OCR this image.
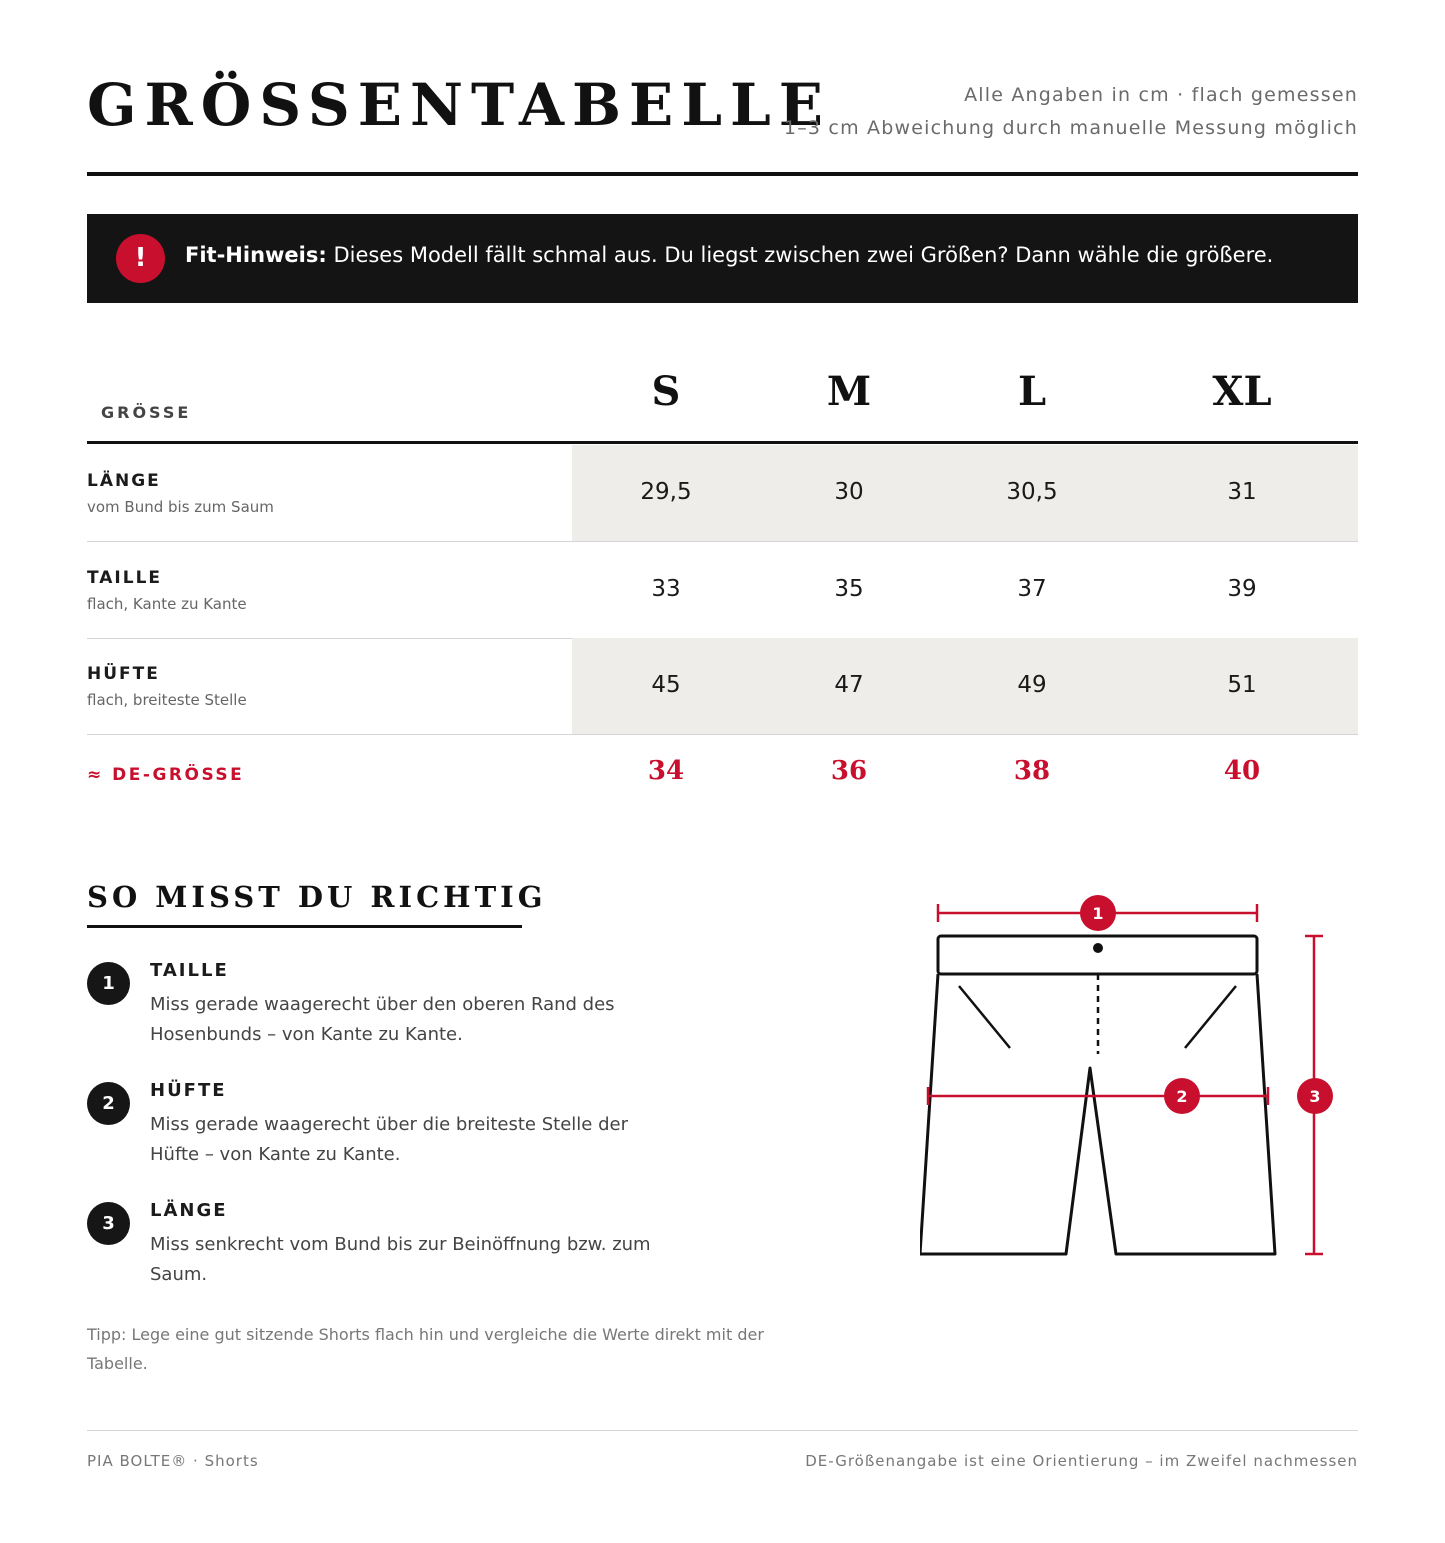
GRÖSSENTABELLE	Alle Angaben in cm · flach gemessen
1–3 cm Abweichung durch manuelle Messung möglich
!	Fit-Hinweis: Dieses Modell fällt schmal aus. Du liegst zwischen zwei Größen? Dann wähle die größere.
GRÖSSE	S	M	L	XL
LÄNGE
vom Bund bis zum Saum
29,5	30	30,5	31
TAILLE
flach, Kante zu Kante
33	35	37	39
HÜFTE
flach, breiteste Stelle
45	47	49	51
≈ DE-GRÖSSE	34	36	38	40
SO MISST DU RICHTIG
1
TAILLE
Miss gerade waagerecht über den oberen Rand des Hosenbunds – von Kante zu Kante.
2
HÜFTE
Miss gerade waagerecht über die breiteste Stelle der Hüfte – von Kante zu Kante.
3
LÄNGE
Miss senkrecht vom Bund bis zur Beinöffnung bzw. zum Saum.
Tipp: Lege eine gut sitzende Shorts flach hin und vergleiche die Werte direkt mit der Tabelle.
1
2	3
PIA BOLTE® · Shorts	DE-Größenangabe ist eine Orientierung – im Zweifel nachmessen
